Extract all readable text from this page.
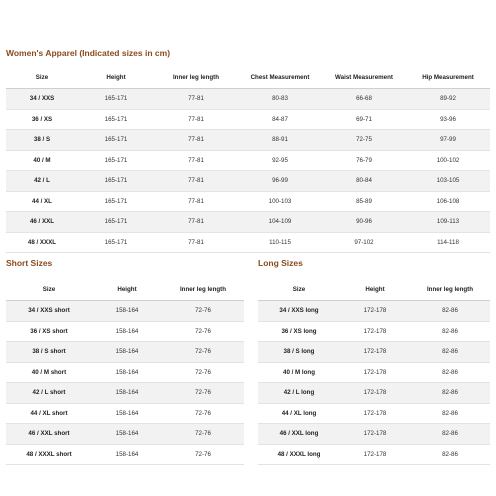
Women's Apparel (Indicated sizes in cm)
Size	Height	Inner leg length	Chest Measurement	Waist Measurement	Hip Measurement
34 / XXS	165-171	77-81	80-83	66-68	89-92
36 / XS	165-171	77-81	84-87	69-71	93-96
38 / S	165-171	77-81	88-91	72-75	97-99
40 / M	165-171	77-81	92-95	76-79	100-102
42 / L	165-171	77-81	96-99	80-84	103-105
44 / XL	165-171	77-81	100-103	85-89	106-108
46 / XXL	165-171	77-81	104-109	90-96	109-113
48 / XXXL	165-171	77-81	110-115	97-102	114-118
Short Sizes
Size	Height	Inner leg length
34 / XXS short	158-164	72-76
36 / XS short	158-164	72-76
38 / S short	158-164	72-76
40 / M short	158-164	72-76
42 / L short	158-164	72-76
44 / XL short	158-164	72-76
46 / XXL short	158-164	72-76
48 / XXXL short	158-164	72-76
Long Sizes
Size	Height	Inner leg length
34 / XXS long	172-178	82-86
36 / XS long	172-178	82-86
38 / S long	172-178	82-86
40 / M long	172-178	82-86
42 / L long	172-178	82-86
44 / XL long	172-178	82-86
46 / XXL long	172-178	82-86
48 / XXXL long	172-178	82-86
